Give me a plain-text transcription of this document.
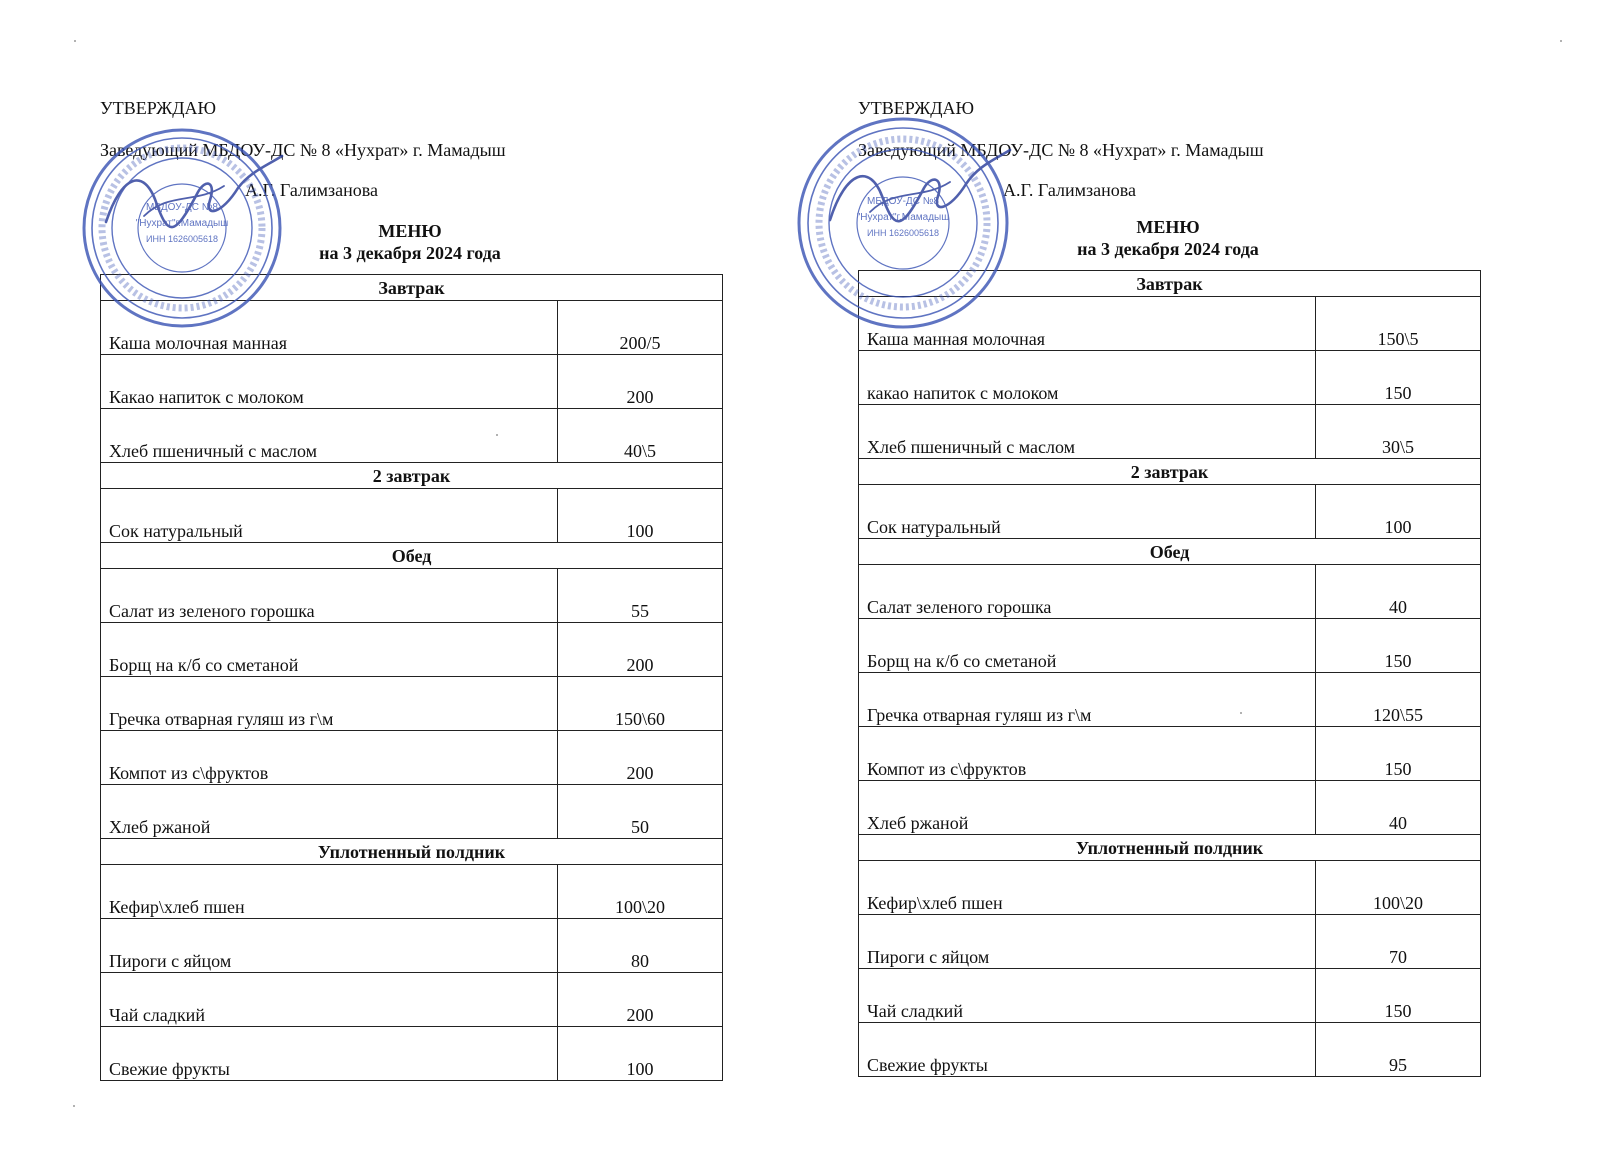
УТВЕРЖДАЮ
Заведующий МБДОУ-ДС № 8 «Нухрат» г. Мамадыш
А.Г. Галимзанова
МЕНЮ
на 3 декабря 2024 года
Завтрак	
Каша молочная манная	200/5
Какао напиток с молоком	200
Хлеб пшеничный с маслом	40\5
2 завтрак	
Сок натуральный	100
Обед	
Салат из зеленого горошка	55
Борщ на к/б со сметаной	200
Гречка отварная гуляш из г\м	150\60
Компот из с\фруктов	200
Хлеб ржаной	50
Уплотненный полдник	
Кефир\хлеб пшен	100\20
Пироги с яйцом	80
Чай сладкий	200
Свежие фрукты	100
МБДОУ-ДС №8
"Нухрат"г.Мамадыш
ИНН 1626005618
УТВЕРЖДАЮ
Заведующий МБДОУ-ДС № 8 «Нухрат» г. Мамадыш
А.Г. Галимзанова
МЕНЮ
на 3 декабря 2024 года
Завтрак	
Каша манная молочная	150\5
какао напиток с молоком	150
Хлеб пшеничный с маслом	30\5
2 завтрак	
Сок натуральный	100
Обед	
Салат зеленого горошка	40
Борщ на к/б со сметаной	150
Гречка отварная гуляш из г\м	120\55
Компот из с\фруктов	150
Хлеб ржаной	40
Уплотненный полдник	
Кефир\хлеб пшен	100\20
Пироги с яйцом	70
Чай сладкий	150
Свежие фрукты	95
МБДОУ-ДС №8
"Нухрат"г.Мамадыш
ИНН 1626005618
